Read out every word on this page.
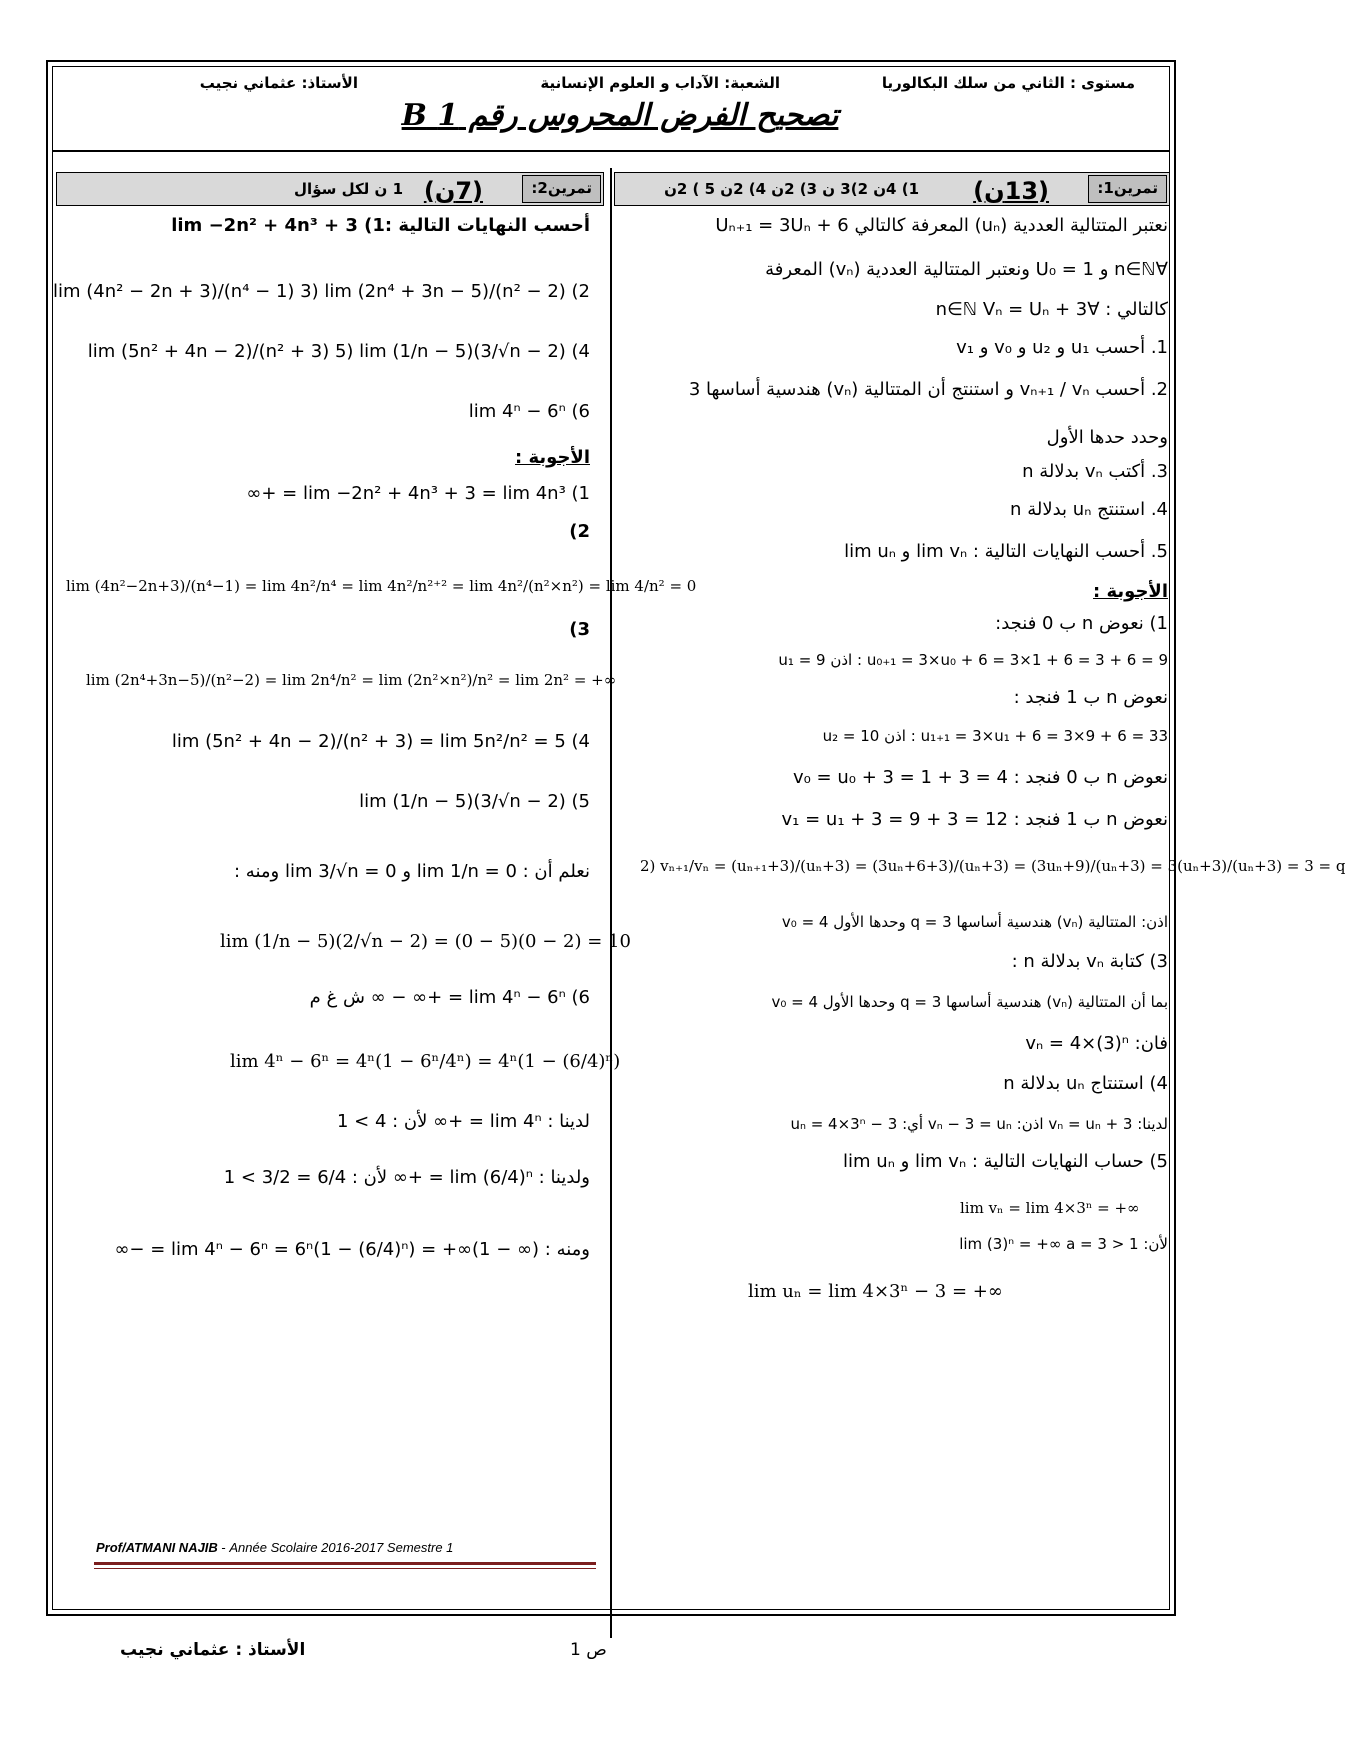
مستوى : الثاني من سلك البكالوريا
الشعبة: الآداب و العلوم الإنسانية
الأستاذ: عثماني نجيب
تصحيح الفرض المحروس رقم 1 B
تمرين1:
(13ن)
1) 4ن 2)3 ن 3) 2ن 4) 2ن 5 ) 2ن
تمرين2:
(7ن)
1 ن لكل سؤال
نعتبر المتتالية العددية (uₙ) المعرفة كالتالي Uₙ₊₁ = 3Uₙ + 6
∀n∈ℕ و U₀ = 1 ونعتبر المتتالية العددية (vₙ) المعرفة
كالتالي : ∀n∈ℕ Vₙ = Uₙ + 3
1. أحسب u₁ و u₂ و v₀ و v₁
2. أحسب vₙ₊₁ / vₙ و استنتج أن المتتالية (vₙ) هندسية أساسها 3
وحدد حدها الأول
3. أكتب vₙ بدلالة n
4. استنتج uₙ بدلالة n
5. أحسب النهايات التالية : lim vₙ و lim uₙ
الأجوبة :
1) نعوض n ب 0 فنجد:
u₀₊₁ = 3×u₀ + 6 = 3×1 + 6 = 3 + 6 = 9 : اذن u₁ = 9
نعوض n ب 1 فنجد :
u₁₊₁ = 3×u₁ + 6 = 3×9 + 6 = 33 : اذن u₂ = 10
نعوض n ب 0 فنجد : v₀ = u₀ + 3 = 1 + 3 = 4
نعوض n ب 1 فنجد : v₁ = u₁ + 3 = 9 + 3 = 12
2) vₙ₊₁/vₙ = (uₙ₊₁+3)/(uₙ+3) = (3uₙ+6+3)/(uₙ+3) = (3uₙ+9)/(uₙ+3) = 3(uₙ+3)/(uₙ+3) = 3 = q
اذن: المتتالية (vₙ) هندسية أساسها q = 3 وحدها الأول v₀ = 4
3) كتابة vₙ بدلالة n :
بما أن المتتالية (vₙ) هندسية أساسها q = 3 وحدها الأول v₀ = 4
فان: vₙ = 4×(3)ⁿ
4) استنتاج uₙ بدلالة n
لدينا: vₙ = uₙ + 3 اذن: vₙ − 3 = uₙ أي: uₙ = 4×3ⁿ − 3
5) حساب النهايات التالية : lim vₙ و lim uₙ
lim vₙ = lim 4×3ⁿ = +∞
لأن: lim (3)ⁿ = +∞ a = 3 > 1
lim uₙ = lim 4×3ⁿ − 3 = +∞
أحسب النهايات التالية :1) lim −2n² + 4n³ + 3
2) lim (4n² − 2n + 3)/(n⁴ − 1) 3) lim (2n⁴ + 3n − 5)/(n² − 2)
4) lim (5n² + 4n − 2)/(n² + 3) 5) lim (1/n − 5)(3/√n − 2)
6) lim 4ⁿ − 6ⁿ
الأجوبة :
1) lim −2n² + 4n³ + 3 = lim 4n³ = +∞
2)
lim (4n²−2n+3)/(n⁴−1) = lim 4n²/n⁴ = lim 4n²/n²⁺² = lim 4n²/(n²×n²) = lim 4/n² = 0
3)
lim (2n⁴+3n−5)/(n²−2) = lim 2n⁴/n² = lim (2n²×n²)/n² = lim 2n² = +∞
4) lim (5n² + 4n − 2)/(n² + 3) = lim 5n²/n² = 5
5) lim (1/n − 5)(3/√n − 2)
نعلم أن : lim 1/n = 0 و lim 3/√n = 0 ومنه :
lim (1/n − 5)(2/√n − 2) = (0 − 5)(0 − 2) = 10
6) lim 4ⁿ − 6ⁿ = +∞ − ∞ ش غ م
lim 4ⁿ − 6ⁿ = 4ⁿ(1 − 6ⁿ/4ⁿ) = 4ⁿ(1 − (6/4)ⁿ)
لدينا : lim 4ⁿ = +∞ لأن : 4 > 1
ولدينا : lim (6/4)ⁿ = +∞ لأن : 6/4 = 3/2 > 1
ومنه : lim 4ⁿ − 6ⁿ = 6ⁿ(1 − (6/4)ⁿ) = +∞(1 − ∞) = −∞
Prof/ATMANI NAJIB - Année Scolaire 2016-2017 Semestre 1
ص 1
الأستاذ : عثماني نجيب
